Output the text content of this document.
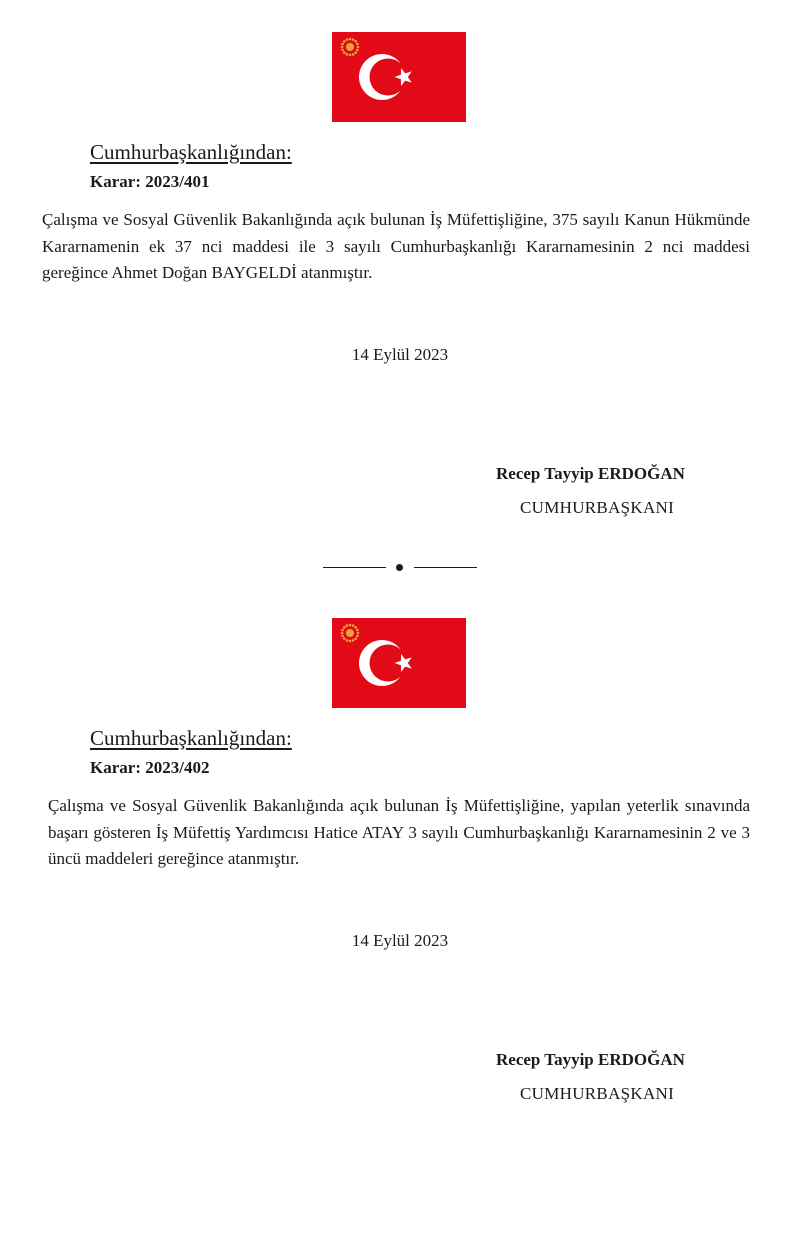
Cumhurbaşkanlığından:
Karar: 2023/401
Çalışma ve Sosyal Güvenlik Bakanlığında açık bulunan İş Müfettişliğine, 375 sayılı Kanun Hükmünde Kararnamenin ek 37 nci maddesi ile 3 sayılı Cumhurbaşkanlığı Kararnamesinin 2 nci maddesi gereğince Ahmet Doğan BAYGELDİ atanmıştır.
14 Eylül 2023
Recep Tayyip ERDOĞAN
CUMHURBAŞKANI
Cumhurbaşkanlığından:
Karar: 2023/402
Çalışma ve Sosyal Güvenlik Bakanlığında açık bulunan İş Müfettişliğine, yapılan yeterlik sınavında başarı gösteren İş Müfettiş Yardımcısı Hatice ATAY 3 sayılı Cumhurbaşkanlığı Kararnamesinin 2 ve 3 üncü maddeleri gereğince atanmıştır.
14 Eylül 2023
Recep Tayyip ERDOĞAN
CUMHURBAŞKANI
